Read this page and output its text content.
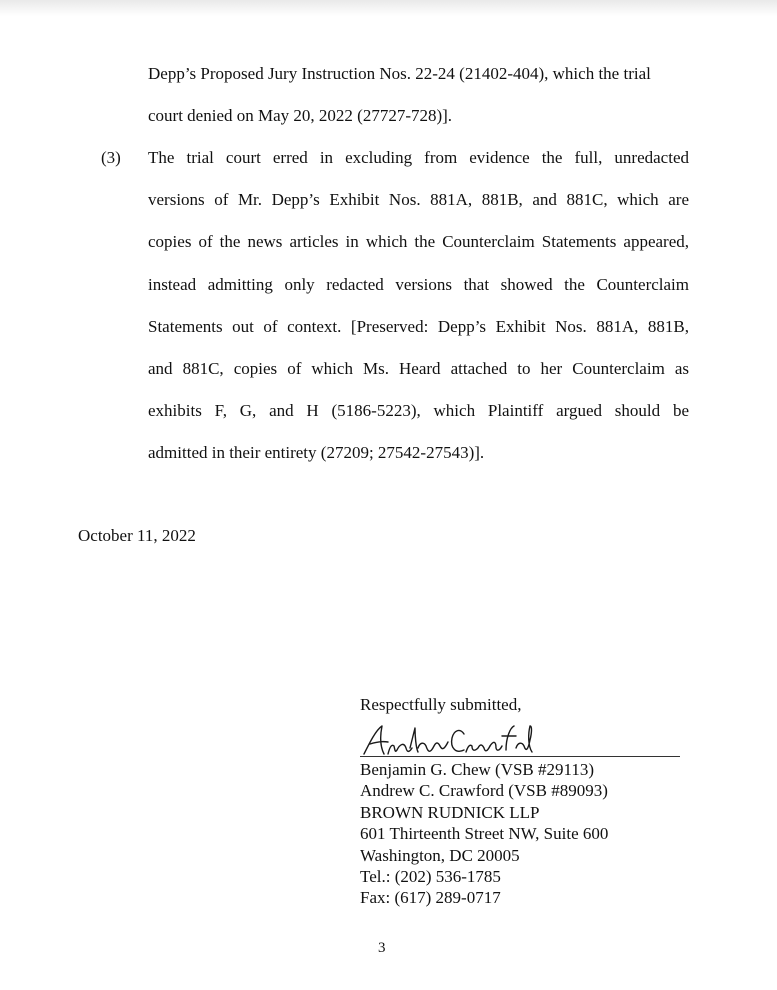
Depp’s Proposed Jury Instruction Nos. 22-24 (21402-404), which the trial
court denied on May 20, 2022 (27727-728)].
(3) The trial court erred in excluding from evidence the full, unredacted
versions of Mr. Depp’s Exhibit Nos. 881A, 881B, and 881C, which are
copies of the news articles in which the Counterclaim Statements appeared,
instead admitting only redacted versions that showed the Counterclaim
Statements out of context. [Preserved: Depp’s Exhibit Nos. 881A, 881B,
and 881C, copies of which Ms. Heard attached to her Counterclaim as
exhibits F, G, and H (5186-5223), which Plaintiff argued should be
admitted in their entirety (27209; 27542-27543)].
October 11, 2022
Respectfully submitted,
Benjamin G. Chew (VSB #29113)
Andrew C. Crawford (VSB #89093)
BROWN RUDNICK LLP
601 Thirteenth Street NW, Suite 600
Washington, DC 20005
Tel.: (202) 536-1785
Fax: (617) 289-0717
3
